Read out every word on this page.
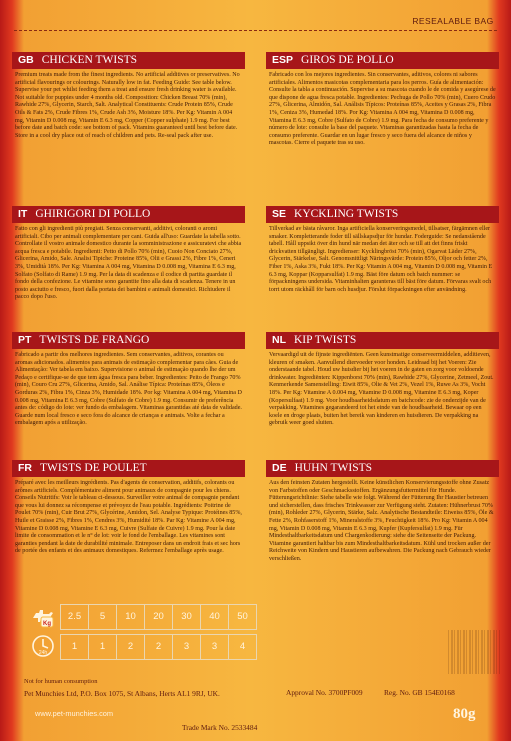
RESEALABLE BAG
GB CHICKEN TWISTS
Premium treats made from the finest ingredients. No artificial additives or preservatives. No artificial flavourings or colourings. Naturally low in fat. Feeding Guide: See table below. Supervise your pet whilst feeding them a treat and ensure fresh drinking water is available. Not suitable for puppies under 4 months old. Composition: Chicken Breast 70% (min), Rawhide 27%, Glycerin, Starch, Salt. Analytical Constituents: Crude Protein 85%, Crude Oils & Fats 2%, Crude Fibres 1%, Crude Ash 3%, Moisture 18%. Per Kg: Vitamin A 004 mg, Vitamin D 0.008 mg, Vitamin E 6.3 mg, Copper (Copper sulphate) 1.9 mg. For best before date and batch code: see bottom of pack. Vitamins guaranteed until best before date. Store in a cool dry place out of reach of children and pets. Re-seal pack after use.
ESP GIROS DE POLLO
Fabricado con los mejores ingredientes. Sin conservantes, aditivos, colores ni sabores artificiales. Alimentos masicotas complementaria para los perros. Guía de alimentación: Consulte la tabla a continuación. Supervise a su mascota cuando le de comida y asegúrese de que dispone de agua fresca potable. Ingredientes: Pechuga de Pollo 70% (min), Cuero Crudo 27%, Glicerina, Almidón, Sal. Análisis Típicos: Proteínas 85%, Aceites y Grasas 2%, Fibra 1%, Ceniza 3%, Humedad 18%. Por Kg: Vitamina A 004 mg, Vitamina D 0.008 mg, Vitamina E 6.3 mg, Cobre (Sulfato de Cobre) 1.9 mg. Para fecha de consumo preferente y número de lote: consulte la base del paquete. Vitaminas garantizadas hasta la fecha de consumo preferente. Guardar en un lugar fresco y seco fuera del alcance de niños y mascotas. Cierre el paquete tras su uso.
IT GHIRIGORI DI POLLO
Fatto con gli ingredienti più pregiati. Senza conservanti, additivi, coloranti o aromi artificiali. Cibo per animali complementare per cani. Guida all'uso: Guardate la tabella sotto. Controllate il vostro animale domestico durante la somministrazione e assicuratevi che abbia acqua fresca e potabile. Ingredienti: Petto di Pollo 70% (min), Cuoio Non Conciato 27%, Glicerina, Amido, Sale. Analisi Tipiche: Proteine 85%, Olii e Grassi 2%, Fibre 1%, Ceneri 3%, Umidità 18%. Per Kg: Vitamina A 004 mg, Vitamina D 0.008 mg, Vitamina E 6.3 mg, Solfato (Solfato di Rame) 1.9 mg. Per la data di scadenza e il codice di partita guardate il fondo della confezione. Le vitamine sono garantite fino alla data di scadenza. Tenere in un posto asciutto e fresco, fuori dalla portata dei bambini e animali domestici. Richiudere il pacco dopo l'uso.
SE KYCKLING TWISTS
Tillverkad av bästa råvaror. Inga artificiella konserveringsmedel, tillsatser, färgämnen eller smaker. Kompletterande foder till sällskapsdjur för hundar. Foderguide: Se nedanstående tabell. Håll uppsikt över din hund när medan det äter och se till att det finns friskt drickvatten tillgängligt. Ingredienser: Kycklingbröst 70% (min), Ogarvat Läder 27%, Glycerin, Stärkelse, Salt. Genomsnittligt Näringsvärde: Protein 85%, Oljor och fetter 2%, Fiber 1%, Aska 3%, Fukt 18%. Per Kg: Vitamin A 004 mg, Vitamin D 0.008 mg, Vitamin E 6.3 mg, Koppar (Kopparsulfat) 1.9 mg. Bäst före datum och batch nummer: se förpackningens undersida. Vitaminhalten garanteras till bäst före datum. Förvaras svalt och torrt utom räckhåll för barn och husdjur. Förslut förpackningen efter användning.
PT TWISTS DE FRANGO
Fabricado a partir dos melhores ingredientes. Sem conservantes, aditivos, corantes ou aromas adicionados. alimentos para animais de estimação complementar para cães. Guia de Alimentação: Ver tabela em baixo. Supervisione o animal de estimação quando lhe der um Pedaço e certifique-se de que tem água fresca para beber. Ingredientes: Peito de Frango 70% (min), Couro Cru 27%, Glicerina, Amido, Sal. Análise Típica: Proteínas 85%, Óleos e Gorduras 2%, Fibra 1%, Cinza 3%, Humidade 18%. Por kg: Vitamina A 004 mg, Vitamina D 0.008 mg, Vitamina E 6.3 mg, Cobre (Sulfato de Cobre) 1.9 mg. Consumir de preferência antes de: código do lote: ver fundo da embalagem. Vitaminas garantidas até data de validade. Guarde num local fresco e seco fora do alcance de crianças e animais. Volte a fechar a embalagem após a utilização.
NL KIP TWISTS
Vervaardigd uit de fijnste ingrediënten. Geen kunstmatige conserveermiddelen, additieven, kleuren of smaken. Aanvullend diervoeder voor honden. Leidraad bij het Voeren: Zie onderstaande tabel. Houd uw huisdier bij het voeren in de gaten en zorg voor voldoende drinkwater. Ingrediënten: Kippenborst 70% (min), Rawhide 27%, Glycerine, Zetmeel, Zout. Kenmerkende Samenstelling: Eiwit 85%, Olie & Vet 2%, Vezel 1%, Ruwe As 3%, Vocht 18%. Per Kg: Vitamine A 0.004 mg, Vitamine D 0.008 mg, Vitamine E 6.3 mg, Koper (Kopersulfaat) 1.9 mg. Voor houdbaarheidsdatum en batchcode: zie de onderzijde van de verpakking. Vitamines gegarandeerd tot het einde van de houdbaarheid. Bewaar op een koele en droge plaats, buiten het bereik van kinderen en huisdieren. De verpakking na gebruik weer goed sluiten.
FR TWISTS DE POULET
Préparé avec les meilleurs ingrédients. Pas d'agents de conservation, additifs, colorants ou arômes artificiels. Complémentaire aliment pour animaux de compagnie pour les chiens. Conseils Nutritifs: Voir le tableau ci-dessous. Surveiller votre animal de compagnie pendant que vous lui donnez sa récompense et prévoyez de l'eau potable. Ingrédients: Poitrine de Poulet 70% (min), Cuir Brut 27%, Glycérine, Amidon, Sel. Analyse Typique: Protéines 85%, Huile et Graisse 2%, Fibres 1%, Cendres 3%, Humidité 18%. Par Kg: Vitamine A 004 mg, Vitamine D 0.008 mg, Vitamine E 6.3 mg, Cuivre (Sulfate de Cuivre) 1.9 mg. Pour la date limite de consommation et le n° de lot: voir le fond de l'emballage. Les vitamines sont garanties pendant la date de durabilité minimale. Entreposer dans un endroit frais et sec hors de portée des enfants et des animaux domestiques. Refermez l'emballage après usage.
DE HUHN TWISTS
Aus den feinsten Zutaten hergestellt. Keine künstlichen Konservierungsstoffe ohne Zusatz von Farbstoffen oder Geschmacksstoffen. Ergänzungsfuttermittel für Hunde. Fütterungsrichtlinie: Siehe tabelle wie folgt. Während der Fütterung Ihr Haustier betreuen und sicherstellen, dass frisches Trinkwasser zur Verfügung steht. Zutaten: Hühnerbrust 70% (min), Rohleder 27%, Glycerin, Stärke, Salz. Analytische Bestandteile: Eiweiss 85%, Öle & Fette 2%, Rohfaserstoff 1%, Mineralstoffe 3%, Feuchtigkeit 18%. Pro Kg: Vitamin A 004 mg, Vitamin D 0.008 mg, Vitamin E 6.3 mg, Kupfer (Kupfersulfat) 1.9 mg. Für Mindesthaltbarkeitsdatum und Chargenkodierung: siehe die Seitenseite der Packung. Vitamine garantiert haltbar bis zum Mindesthaltbarkeitsdatum. Kühl und trocken außer der Reichweite von Kindern und Haustieren aufbewahren. Die Packung nach Gebrauch wieder verschließen.
Kg
2.5	5	10	20	30	40	50
24h
1	1	2	2	3	3	4
Not for human consumption
Pet Munchies Ltd, P.O. Box 1075, St Albans, Herts AL1 9RJ, UK.
www.pet-munchies.com
Approval No. 3700PF009	Reg. No. GB 154E0168
Trade Mark No. 2533484
80g
